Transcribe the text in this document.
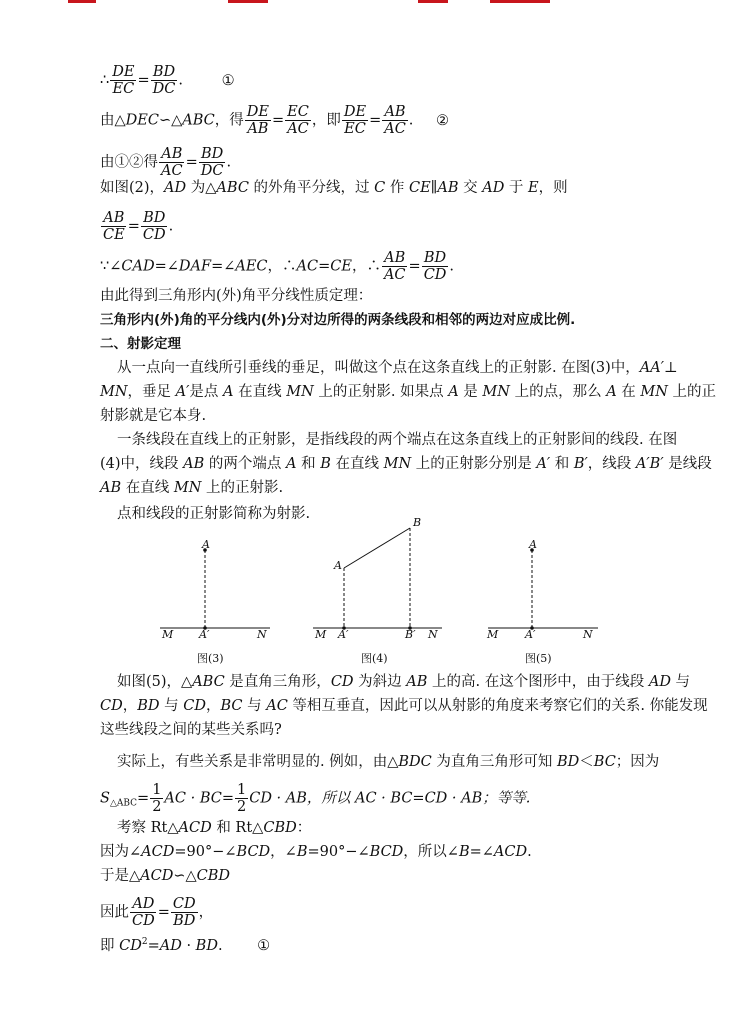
∴ $\frac{DE}{EC} = \frac{BD}{DC}$ .	①
由△DEC∽△ABC，得 $\frac{DE}{AB} = \frac{EC}{AC}$ ，即 $\frac{DE}{EC} = \frac{AB}{AC}$ . ②
由①②得 $\frac{AB}{AC} = \frac{BD}{DC}$ .
如图(2)，AD 为△ABC 的外角平分线，过 C 作 CE∥AB 交 AD 于 E，则
$\frac{AB}{CE} = \frac{BD}{CD}$ .
∵∠CAD=∠DAF=∠AEC，∴AC=CE，∴ $\frac{AB}{AC} = \frac{BD}{CD}$ .
由此得到三角形内(外)角平分线性质定理：
三角形内(外)角的平分线内(外)分对边所得的两条线段和相邻的两边对应成比例.
二、射影定理
从一点向一直线所引垂线的垂足，叫做这个点在这条直线上的正射影. 在图(3)中，AA′⊥
MN，垂足 A′是点 A 在直线 MN 上的正射影. 如果点 A 是 MN 上的点，那么 A 在 MN 上的正
射影就是它本身.
一条线段在直线上的正射影，是指线段的两个端点在这条直线上的正射影间的线段. 在图
(4)中，线段 AB 的两个端点 A 和 B 在直线 MN 上的正射影分别是 A′ 和 B′，线段 A′B′ 是线段
AB 在直线 MN 上的正射影.
点和线段的正射影简称为射影.
A
M A′	N
图(3)
B
A
M A′	B′ N
图(4)
A
M A′	N
图(5)
如图(5)，△ABC 是直角三角形，CD 为斜边 AB 上的高. 在这个图形中，由于线段 AD 与
CD，BD 与 CD，BC 与 AC 等相互垂直，因此可以从射影的角度来考察它们的关系. 你能发现
这些线段之间的某些关系吗?
实际上，有些关系是非常明显的. 例如，由△BDC 为直角三角形可知 BD＜BC；因为
$S_{\triangle ABC}= \frac{1}{2}$ AC · $BC= \frac{1}{2}$ CD · AB，所以 AC · BC=CD · AB；等等.
考察 Rt△ACD 和 Rt△CBD：
因为∠ACD=90°−∠BCD，∠B=90°−∠BCD，所以∠B=∠ACD.
于是△ACD∽△CBD
因此 $\frac{AD}{CD} = \frac{CD}{BD}$ ，
即 $CD^2=AD$ · BD. ①
